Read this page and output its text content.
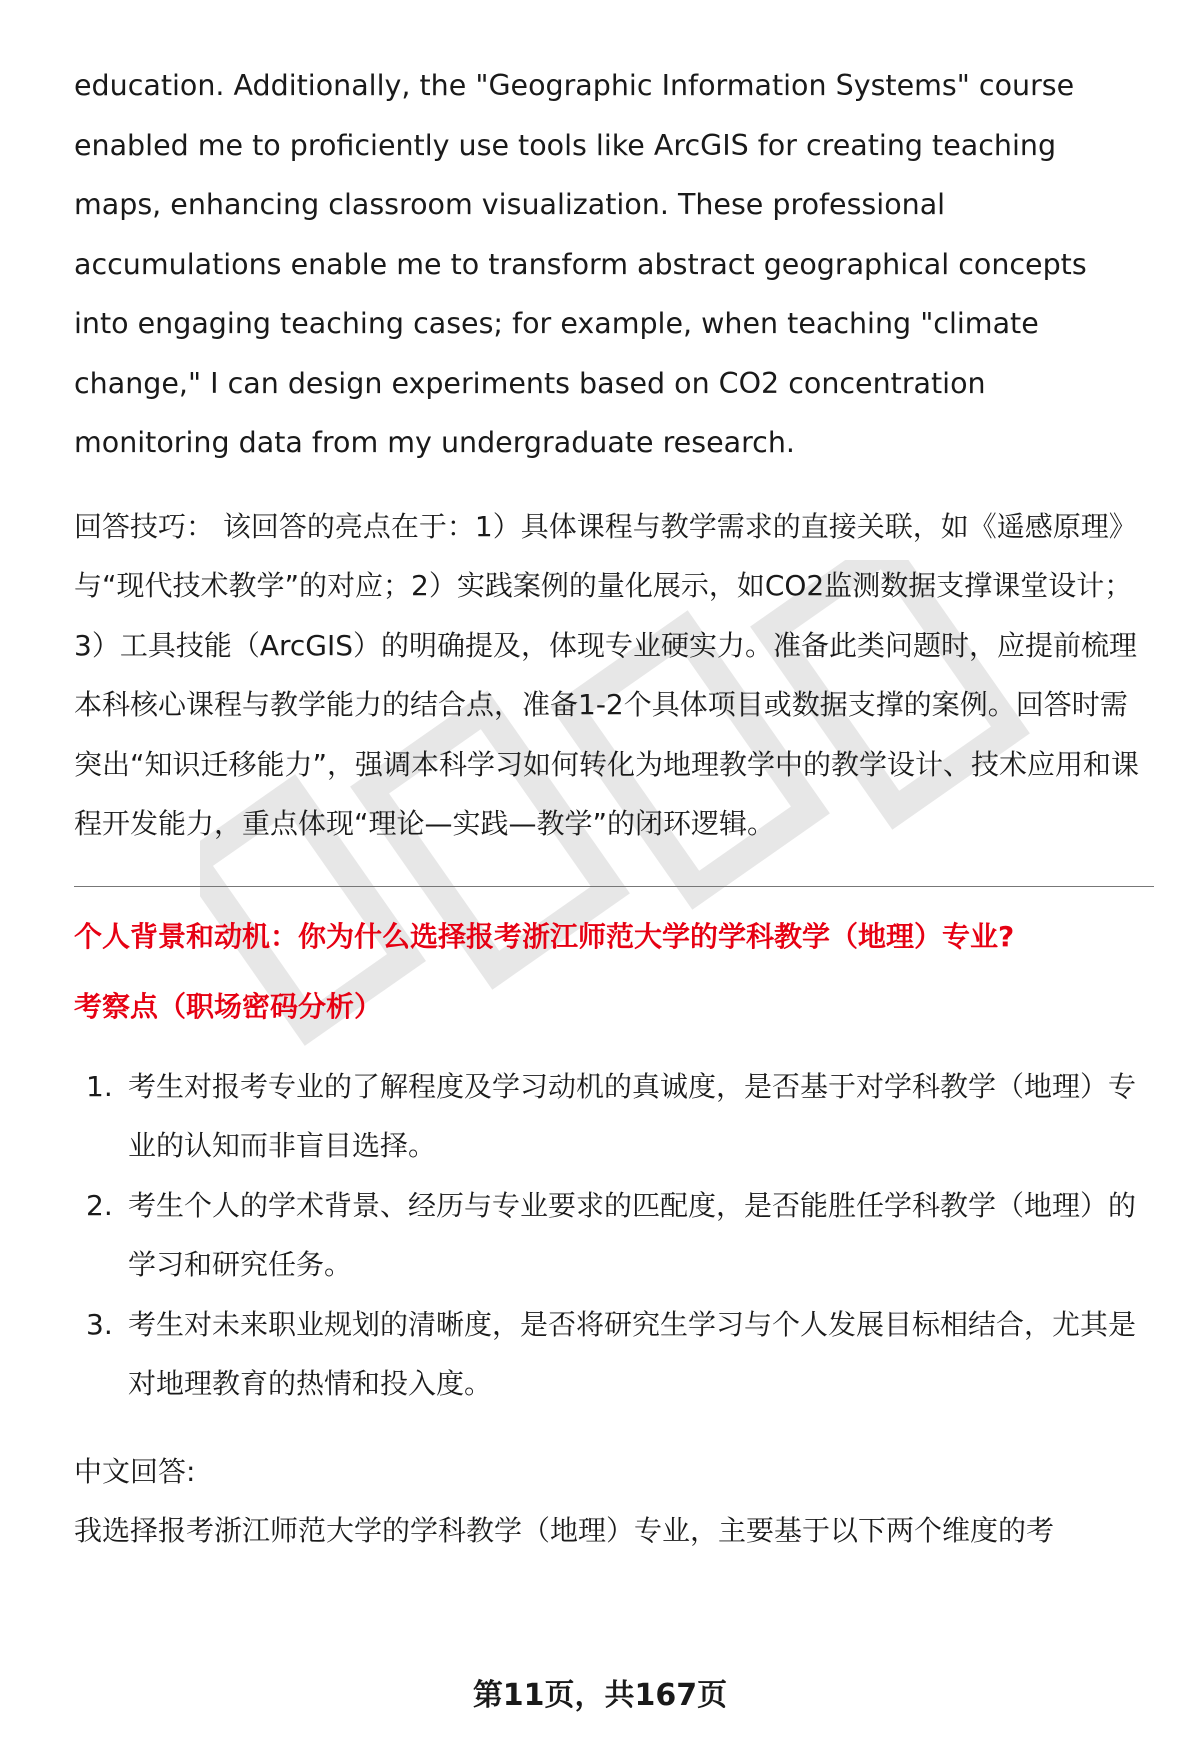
education. Additionally, the "Geographic Information Systems" course enabled me to proficiently use tools like ArcGIS for creating teaching maps, enhancing classroom visualization. These professional accumulations enable me to transform abstract geographical concepts into engaging teaching cases; for example, when teaching "climate change," I can design experiments based on CO2 concentration monitoring data from my undergraduate research.

回答技巧： 该回答的亮点在于：1）具体课程与教学需求的直接关联，如《遥感原理》与“现代技术教学”的对应；2）实践案例的量化展示，如CO2监测数据支撑课堂设计；3）工具技能（ArcGIS）的明确提及，体现专业硬实力。准备此类问题时，应提前梳理本科核心课程与教学能力的结合点，准备1-2个具体项目或数据支撑的案例。回答时需突出“知识迁移能力”，强调本科学习如何转化为地理教学中的教学设计、技术应用和课程开发能力，重点体现“理论—实践—教学”的闭环逻辑。

个人背景和动机：你为什么选择报考浙江师范大学的学科教学（地理）专业?

考察点（职场密码分析）

1. 考生对报考专业的了解程度及学习动机的真诚度，是否基于对学科教学（地理）专业的认知而非盲目选择。
2. 考生个人的学术背景、经历与专业要求的匹配度，是否能胜任学科教学（地理）的学习和研究任务。
3. 考生对未来职业规划的清晰度，是否将研究生学习与个人发展目标相结合，尤其是对地理教育的热情和投入度。

中文回答:

我选择报考浙江师范大学的学科教学（地理）专业，主要基于以下两个维度的考

第11页，共167页
